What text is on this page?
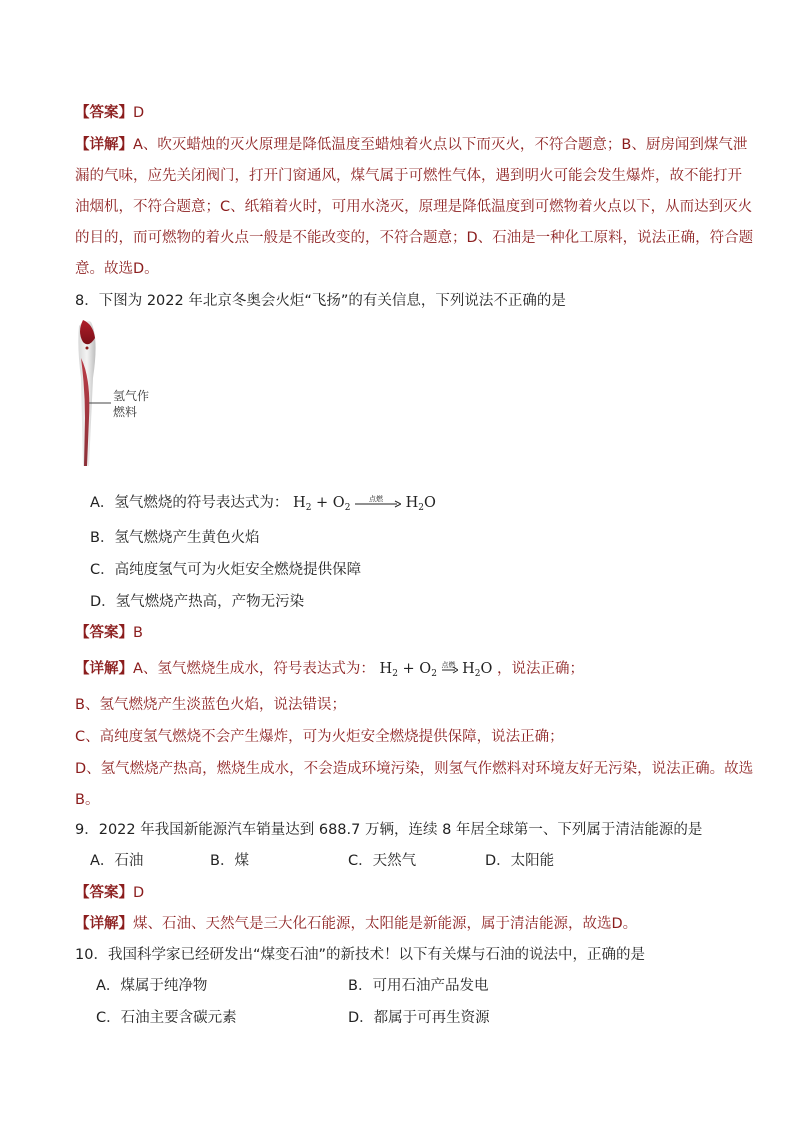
【答案】D
【详解】A、吹灭蜡烛的灭火原理是降低温度至蜡烛着火点以下而灭火，不符合题意；B、厨房闻到煤气泄
漏的气味，应先关闭阀门，打开门窗通风，煤气属于可燃性气体，遇到明火可能会发生爆炸，故不能打开
油烟机，不符合题意；C、纸箱着火时，可用水浇灭，原理是降低温度到可燃物着火点以下，从而达到灭火
的目的，而可燃物的着火点一般是不能改变的，不符合题意；D、石油是一种化工原料，说法正确，符合题
意。故选D。
8．下图为 2022 年北京冬奥会火炬“飞扬”的有关信息，下列说法不正确的是
氢气作
燃料
A．氢气燃烧的符号表达式为： $H_2 + O_2$
点燃 $H_2O$
B．氢气燃烧产生黄色火焰
C．高纯度氢气可为火炬安全燃烧提供保障
D．氢气燃烧产热高，产物无污染
【答案】B
【详解】A、氢气燃烧生成水，符号表达式为： $H_2 + O_2$
点燃 $H_2O$ ，说法正确；
B、氢气燃烧产生淡蓝色火焰，说法错误；
C、高纯度氢气燃烧不会产生爆炸，可为火炬安全燃烧提供保障，说法正确；
D、氢气燃烧产热高，燃烧生成水，不会造成环境污染，则氢气作燃料对环境友好无污染，说法正确。故选
B。
9．2022 年我国新能源汽车销量达到 688.7 万辆，连续 8 年居全球第一、下列属于清洁能源的是
A．石油	B．煤	C．天然气	D．太阳能
【答案】D
【详解】煤、石油、天然气是三大化石能源，太阳能是新能源，属于清洁能源，故选D。
10．我国科学家已经研发出“煤变石油”的新技术！以下有关煤与石油的说法中，正确的是
A．煤属于纯净物	B．可用石油产品发电
C．石油主要含碳元素	D．都属于可再生资源
